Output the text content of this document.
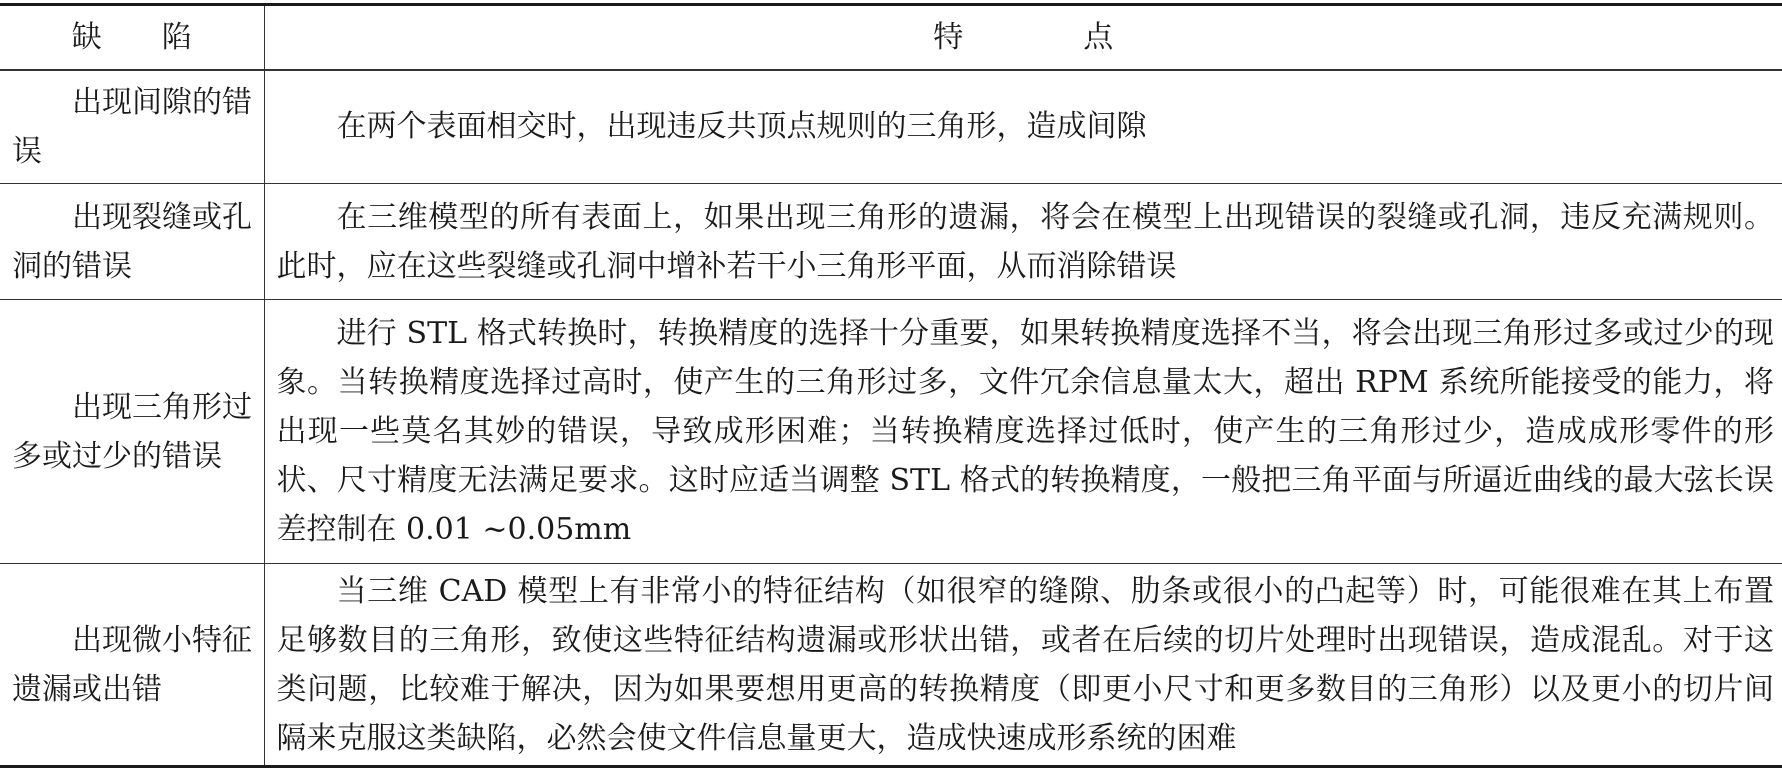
缺　　陷	特　　　　点
出现间隙的错误	在两个表面相交时，出现违反共顶点规则的三角形，造成间隙
出现裂缝或孔洞的错误	在三维模型的所有表面上，如果出现三角形的遗漏，将会在模型上出现错误的裂缝或孔洞，违反充满规则。此时，应在这些裂缝或孔洞中增补若干小三角形平面，从而消除错误
出现三角形过多或过少的错误	进行 STL 格式转换时，转换精度的选择十分重要，如果转换精度选择不当，将会出现三角形过多或过少的现象。当转换精度选择过高时，使产生的三角形过多，文件冗余信息量太大，超出 RPM 系统所能接受的能力，将出现一些莫名其妙的错误，导致成形困难；当转换精度选择过低时，使产生的三角形过少，造成成形零件的形状、尺寸精度无法满足要求。这时应适当调整 STL 格式的转换精度，一般把三角平面与所逼近曲线的最大弦长误差控制在 0.01 ~0.05mm
出现微小特征遗漏或出错	当三维 CAD 模型上有非常小的特征结构（如很窄的缝隙、肋条或很小的凸起等）时，可能很难在其上布置足够数目的三角形，致使这些特征结构遗漏或形状出错，或者在后续的切片处理时出现错误，造成混乱。对于这类问题，比较难于解决，因为如果要想用更高的转换精度（即更小尺寸和更多数目的三角形）以及更小的切片间隔来克服这类缺陷，必然会使文件信息量更大，造成快速成形系统的困难
